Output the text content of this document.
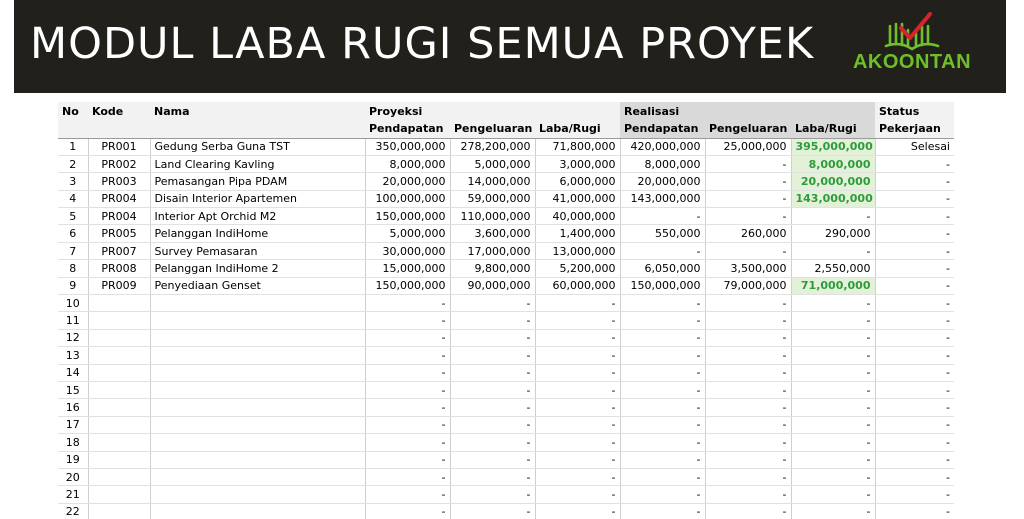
MODUL LABA RUGI SEMUA PROYEK	AKOONTAN
No	Kode	Nama	Proyeksi			Realisasi			Status
			Pendapatan	Pengeluaran	Laba/Rugi	Pendapatan	Pengeluaran	Laba/Rugi	Pekerjaan
1	PR001	Gedung Serba Guna TST	350,000,000	278,200,000	71,800,000	420,000,000	25,000,000	395,000,000	Selesai
2	PR002	Land Clearing Kavling	8,000,000	5,000,000	3,000,000	8,000,000	-	8,000,000	-
3	PR003	Pemasangan Pipa PDAM	20,000,000	14,000,000	6,000,000	20,000,000	-	20,000,000	-
4	PR004	Disain Interior Apartemen	100,000,000	59,000,000	41,000,000	143,000,000	-	143,000,000	-
5	PR004	Interior Apt Orchid M2	150,000,000	110,000,000	40,000,000	-	-	-	-
6	PR005	Pelanggan IndiHome	5,000,000	3,600,000	1,400,000	550,000	260,000	290,000	-
7	PR007	Survey Pemasaran	30,000,000	17,000,000	13,000,000	-	-	-	-
8	PR008	Pelanggan IndiHome 2	15,000,000	9,800,000	5,200,000	6,050,000	3,500,000	2,550,000	-
9	PR009	Penyediaan Genset	150,000,000	90,000,000	60,000,000	150,000,000	79,000,000	71,000,000	-
10			-	-	-	-	-	-	-
11			-	-	-	-	-	-	-
12			-	-	-	-	-	-	-
13			-	-	-	-	-	-	-
14			-	-	-	-	-	-	-
15			-	-	-	-	-	-	-
16			-	-	-	-	-	-	-
17			-	-	-	-	-	-	-
18			-	-	-	-	-	-	-
19			-	-	-	-	-	-	-
20			-	-	-	-	-	-	-
21			-	-	-	-	-	-	-
22			-	-	-	-	-	-	-
